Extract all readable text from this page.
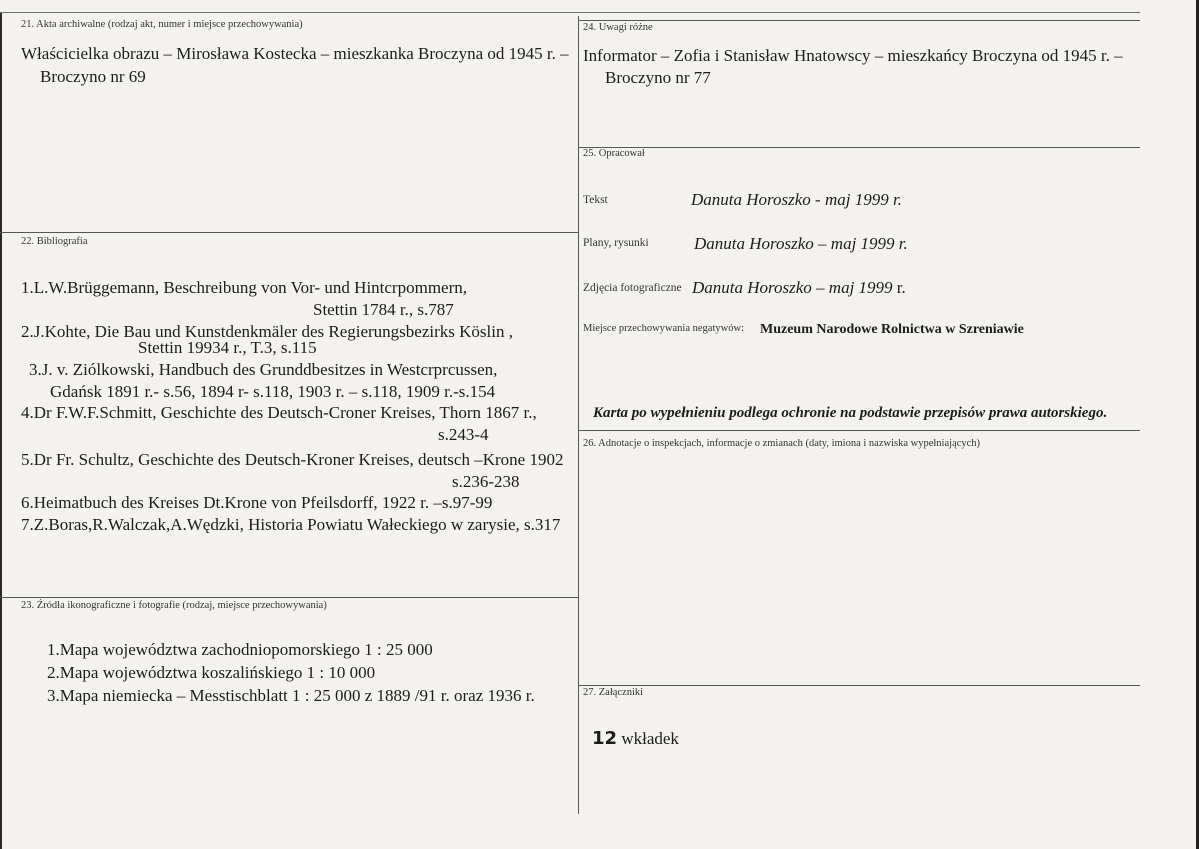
21. Akta archiwalne (rodzaj akt, numer i miejsce przechowywania)
Właścicielka obrazu – Mirosława Kostecka – mieszkanka Broczyna od 1945 r. –
Broczyno nr 69
22. Bibliografia
1.L.W.Brüggemann, Beschreibung von Vor- und Hintcrpommern,
Stettin 1784 r., s.787
2.J.Kohte, Die Bau und Kunstdenkmäler des Regierungsbezirks Köslin ,
Stettin 19934 r., T.3, s.115
3.J. v. Ziólkowski, Handbuch des Grunddbesitzes in Westcrprcussen,
Gdańsk 1891 r.- s.56, 1894 r- s.118, 1903 r. – s.118, 1909 r.-s.154
4.Dr F.W.F.Schmitt, Geschichte des Deutsch-Croner Kreises, Thorn 1867 r.,
s.243-4
5.Dr Fr. Schultz, Geschichte des Deutsch-Kroner Kreises, deutsch –Krone 1902
s.236-238
6.Heimatbuch des Kreises Dt.Krone von Pfeilsdorff, 1922 r. –s.97-99
7.Z.Boras,R.Walczak,A.Wędzki, Historia Powiatu Wałeckiego w zarysie, s.317
23. Źródła ikonograficzne i fotografie (rodzaj, miejsce przechowywania)
1.Mapa województwa zachodniopomorskiego 1 : 25 000
2.Mapa województwa koszalińskiego 1 : 10 000
3.Mapa niemiecka – Messtischblatt 1 : 25 000 z 1889 /91 r. oraz 1936 r.
24. Uwagi różne
Informator – Zofia i Stanisław Hnatowscy – mieszkańcy Broczyna od 1945 r. –
Broczyno nr 77
25. Opracował
Tekst	Danuta Horoszko - maj 1999 r.
Plany, rysunki	Danuta Horoszko – maj 1999 r.
Zdjęcia fotograficzne Danuta Horoszko – maj 1999 r.
Miejsce przechowywania negatywów: Muzeum Narodowe Rolnictwa w Szreniawie
Karta po wypełnieniu podlega ochronie na podstawie przepisów prawa autorskiego.
26. Adnotacje o inspekcjach, informacje o zmianach (daty, imiona i nazwiska wypełniających)
27. Załączniki
12 wkładek
